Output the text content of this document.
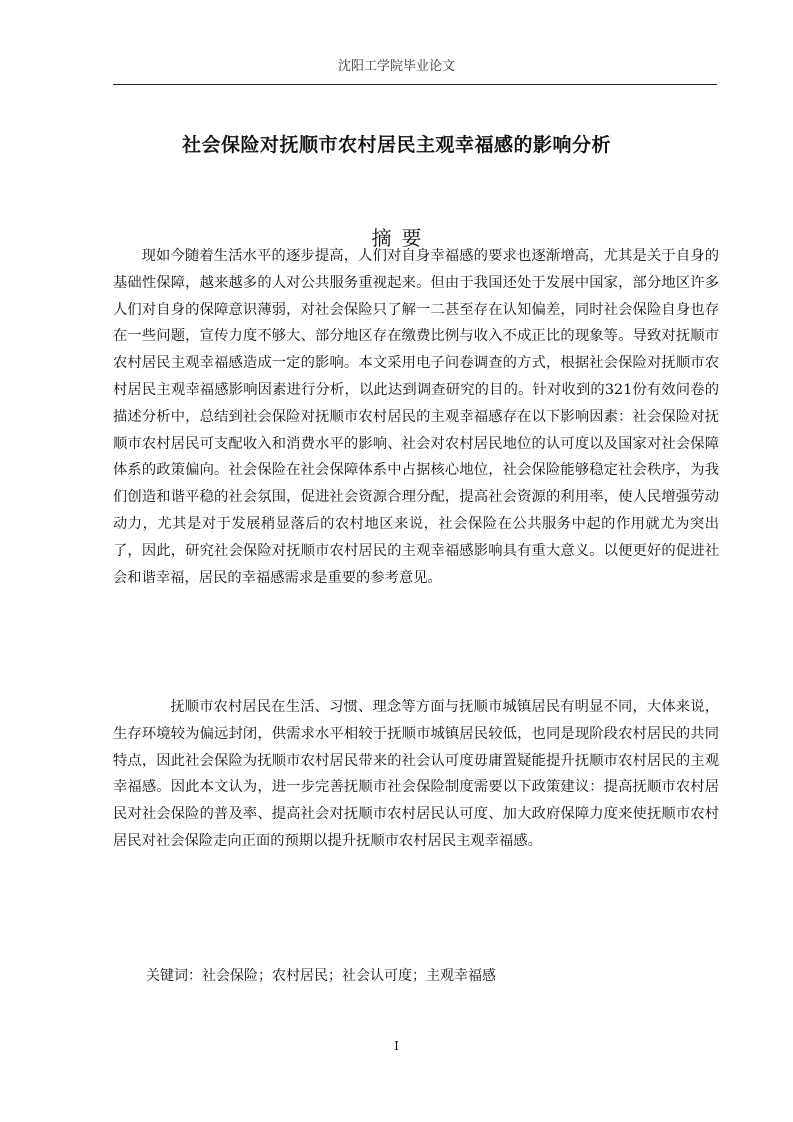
沈阳工学院毕业论文
社会保险对抚顺市农村居民主观幸福感的影响分析
摘要

现如今随着生活水平的逐步提高，人们对自身幸福感的要求也逐渐增高，尤其是关于自身的基础性保障，越来越多的人对公共服务重视起来。但由于我国还处于发展中国家，部分地区许多人们对自身的保障意识薄弱，对社会保险只了解一二甚至存在认知偏差，同时社会保险自身也存在一些问题，宣传力度不够大、部分地区存在缴费比例与收入不成正比的现象等。导致对抚顺市农村居民主观幸福感造成一定的影响。本文采用电子问卷调查的方式，根据社会保险对抚顺市农村居民主观幸福感影响因素进行分析，以此达到调查研究的目的。针对收到的321份有效问卷的描述分析中，总结到社会保险对抚顺市农村居民的主观幸福感存在以下影响因素：社会保险对抚顺市农村居民可支配收入和消费水平的影响、社会对农村居民地位的认可度以及国家对社会保障体系的政策偏向。社会保险在社会保障体系中占据核心地位，社会保险能够稳定社会秩序，为我们创造和谐平稳的社会氛围，促进社会资源合理分配，提高社会资源的利用率，使人民增强劳动动力，尤其是对于发展稍显落后的农村地区来说，社会保险在公共服务中起的作用就尤为突出了，因此，研究社会保险对抚顺市农村居民的主观幸福感影响具有重大意义。以便更好的促进社会和谐幸福，居民的幸福感需求是重要的参考意见。

抚顺市农村居民在生活、习惯、理念等方面与抚顺市城镇居民有明显不同，大体来说，生存环境较为偏远封闭，供需求水平相较于抚顺市城镇居民较低，也同是现阶段农村居民的共同特点，因此社会保险为抚顺市农村居民带来的社会认可度毋庸置疑能提升抚顺市农村居民的主观幸福感。因此本文认为，进一步完善抚顺市社会保险制度需要以下政策建议：提高抚顺市农村居民对社会保险的普及率、提高社会对抚顺市农村居民认可度、加大政府保障力度来使抚顺市农村居民对社会保险走向正面的预期以提升抚顺市农村居民主观幸福感。

关键词：社会保险；农村居民；社会认可度；主观幸福感
I
